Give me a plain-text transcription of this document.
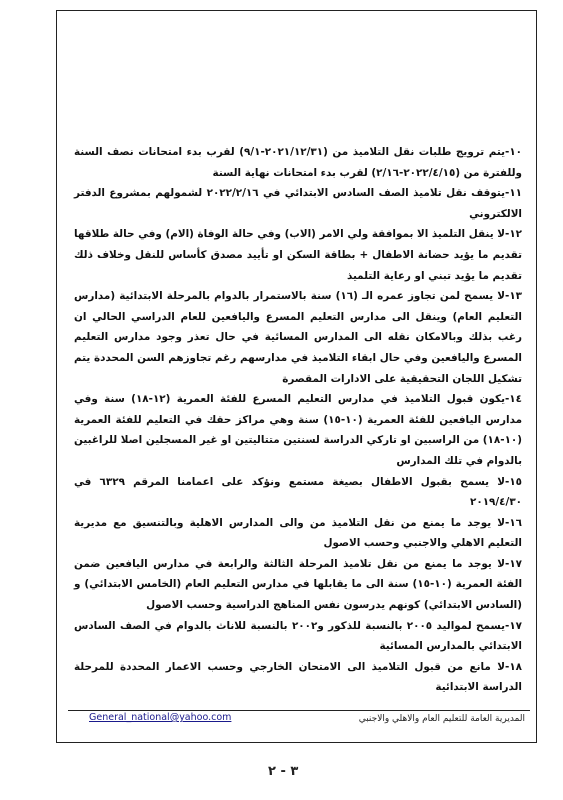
١٠-يتم ترويج طلبات نقل التلاميذ من (٢٠٢١/١٢/٣١-٩/١) لقرب بدء امتحانات نصف السنة وللفترة من (٢٠٢٢/٤/١٥-٢/١٦) لقرب بدء امتحانات نهاية السنة

١١-يتوقف نقل تلاميذ الصف السادس الابتدائي في ٢٠٢٢/٢/١٦ لشمولهم بمشروع الدفتر الالكتروني

١٢-لا ينقل التلميذ الا بموافقة ولي الامر (الاب) وفي حالة الوفاة (الام) وفي حالة طلاقها تقديم ما يؤيد حضانة الاطفال + بطاقة السكن او تأييد مصدق كأساس للنقل وخلاف ذلك تقديم ما يؤيد تبني او رعاية التلميذ

١٣-لا يسمح لمن تجاوز عمره الـ (١٦) سنة بالاستمرار بالدوام بالمرحلة الابتدائية (مدارس التعليم العام) وينقل الى مدارس التعليم المسرع واليافعين للعام الدراسي الحالي ان رغب بذلك وبالامكان نقله الى المدارس المسائية في حال تعذر وجود مدارس التعليم المسرع واليافعين وفي حال ابقاء التلاميذ في مدارسهم رغم تجاوزهم السن المحددة يتم تشكيل اللجان التحقيقية على الادارات المقصرة

١٤-يكون قبول التلاميذ في مدارس التعليم المسرع للفئة العمرية (١٢-١٨) سنة وفي مدارس اليافعين للفئة العمرية (١٠-١٥) سنة وهي مراكز حقك في التعليم للفئة العمرية (١٠-١٨) من الراسبين او تاركي الدراسة لسنتين متتاليتين او غير المسجلين اصلا للراغبين بالدوام في تلك المدارس

١٥-لا يسمح بقبول الاطفال بصيغة مستمع ونؤكد على اعمامنا المرقم ٦٣٢٩ في ٢٠١٩/٤/٣٠

١٦-لا يوجد ما يمنع من نقل التلاميذ من والى المدارس الاهلية وبالتنسيق مع مديرية التعليم الاهلي والاجنبي وحسب الاصول

١٧-لا يوجد ما يمنع من نقل تلاميذ المرحلة الثالثة والرابعة في مدارس اليافعين ضمن الفئة العمرية (١٠-١٥) سنة الى ما يقابلها في مدارس التعليم العام (الخامس الابتدائي) و (السادس الابتدائي) كونهم يدرسون نفس المناهج الدراسية وحسب الاصول

١٧-يسمح لمواليد ٢٠٠٥ بالنسبة للذكور و٢٠٠٢ بالنسبة للاناث بالدوام في الصف السادس الابتدائي بالمدارس المسائية

١٨-لا مانع من قبول التلاميذ الى الامتحان الخارجي وحسب الاعمار المحددة للمرحلة الدراسة الابتدائية

المديرية العامة للتعليم العام والاهلي والاجنبي
General_national@yahoo.com
٣ - ٢
